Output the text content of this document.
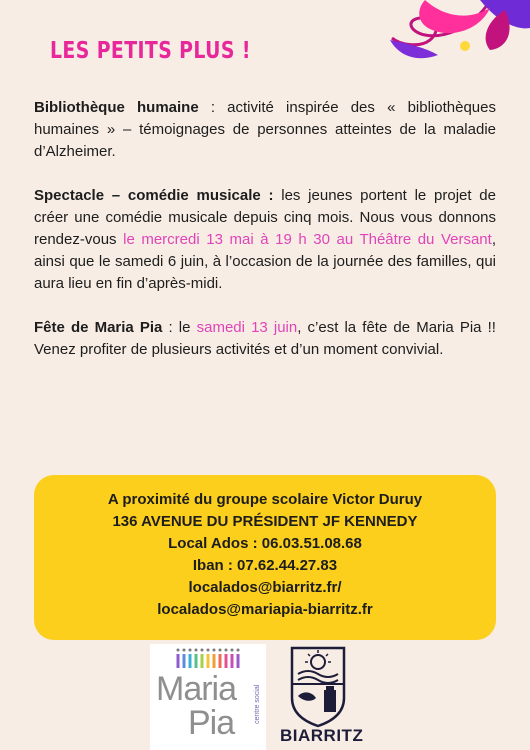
LES PETITS PLUS !

Bibliothèque humaine : activité inspirée des « bibliothèques humaines » – témoignages de personnes atteintes de la maladie d’Alzheimer.

Spectacle – comédie musicale : les jeunes portent le projet de créer une comédie musicale depuis cinq mois. Nous vous donnons rendez-vous le mercredi 13 mai à 19 h 30 au Théâtre du Versant, ainsi que le samedi 6 juin, à l’occasion de la journée des familles, qui aura lieu en fin d’après-midi.

Fête de Maria Pia : le samedi 13 juin, c’est la fête de Maria Pia !! Venez profiter de plusieurs activités et d’un moment convivial.

A proximité du groupe scolaire Victor Duruy
136 AVENUE DU PRÉSIDENT JF KENNEDY
Local Ados : 06.03.51.08.68
Iban : 07.62.44.27.83
localados@biarritz.fr/
localados@mariapia-biarritz.fr
Maria
Pia	centre social
BIARRITZ
